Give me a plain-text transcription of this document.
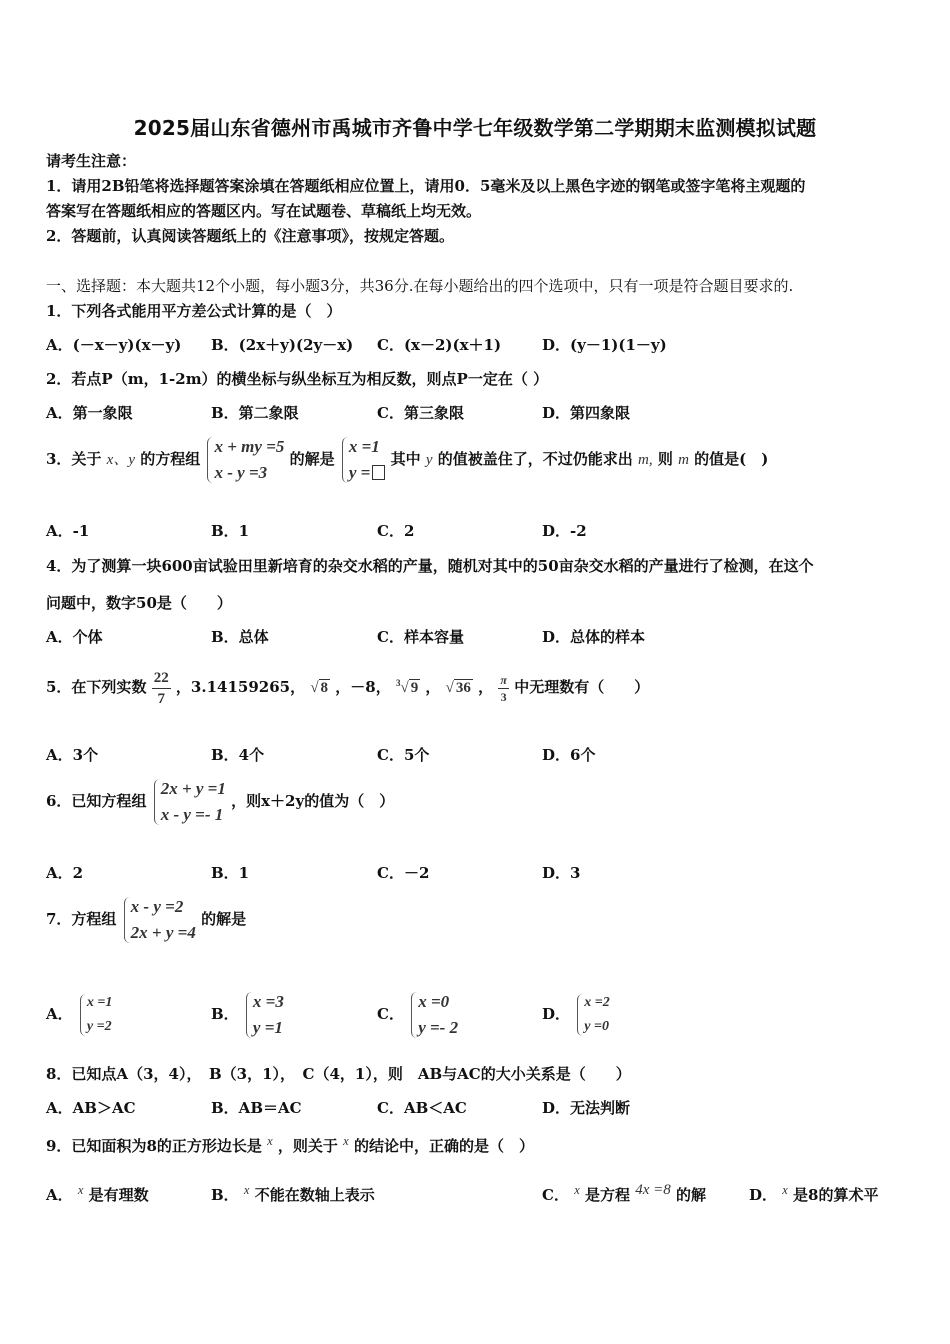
2025届山东省德州市禹城市齐鲁中学七年级数学第二学期期末监测模拟试题
请考生注意：
1．请用2B铅笔将选择题答案涂填在答题纸相应位置上，请用0．5毫米及以上黑色字迹的钢笔或签字笔将主观题的
答案写在答题纸相应的答题区内。写在试题卷、草稿纸上均无效。
2．答题前，认真阅读答题纸上的《注意事项》，按规定答题。
一、选择题：本大题共12个小题，每小题3分，共36分.在每小题给出的四个选项中，只有一项是符合题目要求的.
1．下列各式能用平方差公式计算的是（　）
A．(－x－y)(x－y) B．(2x＋y)(2y－x) C．(x－2)(x＋1)	D．(y－1)(1－y)
2．若点P（m，1-2m）的横坐标与纵坐标互为相反数，则点P一定在（ ）
A．第一象限	B．第二象限	C．第三象限	D．第四象限
3．关于 x、y 的方程组
x + my =5
x - y =3
的解是
x =1
y =
其中 y 的值被盖住了，不过仍能求出 m, 则 m 的值是(　)
A．-1	B．1	C．2	D．-2
4．为了测算一块600亩试验田里新培育的杂交水稻的产量，随机对其中的50亩杂交水稻的产量进行了检测，在这个
问题中，数字50是（　　）
A．个体	B．总体	C．样本容量	D．总体的样本
5．在下列实数 $\frac{22}{7}$ ，3.14159265， √ 8 ，－8， $^3$√ 9 ， √ 36 ， $\frac{\pi}{3}$ 中无理数有（　　）
A．3个	B．4个	C．5个	D．6个
6．已知方程组
2x + y =1
x - y =- 1
，则x＋2y的值为（　）
A．2	B．1	C．－2	D．3
7．方程组
x - y =2
2x + y =4
的解是
A．
x =1
y =2
B．
x =3
y =1
C．
x =0
y =- 2
D．
x =2
y =0
8．已知点A（3，4），　B（3，1），　C（4，1），则　AB与AC的大小关系是（　　）
A．AB＞AC	B．AB＝AC	C．AB＜AC	D．无法判断
9．已知面积为8的正方形边长是 $^x$ ，则关于 $^x$ 的结论中，正确的是（　）
A． $^x$ 是有理数	B． $^x$ 不能在数轴上表示	C． $^x$ 是方程 $^{4x =8}$ 的解	D． $^x$ 是8的算术平
